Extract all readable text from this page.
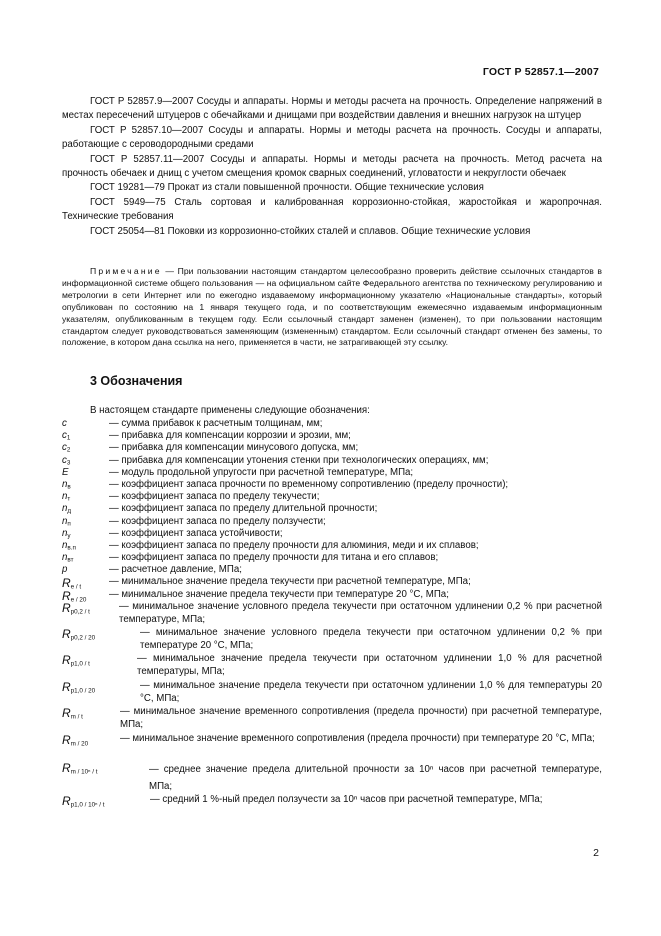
ГОСТ Р 52857.1—2007

ГОСТ Р 52857.9—2007 Сосуды и аппараты. Нормы и методы расчета на прочность. Определение напряжений в местах пересечений штуцеров с обечайками и днищами при воздействии давления и внешних нагрузок на штуцер

ГОСТ Р 52857.10—2007 Сосуды и аппараты. Нормы и методы расчета на прочность. Сосуды и аппараты, работающие с сероводородными средами

ГОСТ Р 52857.11—2007 Сосуды и аппараты. Нормы и методы расчета на прочность. Метод расчета на прочность обечаек и днищ с учетом смещения кромок сварных соединений, угловатости и некруглости обечаек

ГОСТ 19281—79 Прокат из стали повышенной прочности. Общие технические условия

ГОСТ 5949—75 Сталь сортовая и калиброванная коррозионно-стойкая, жаростойкая и жаропрочная. Технические требования

ГОСТ 25054—81 Поковки из коррозионно-стойких сталей и сплавов. Общие технические условия

Примечание — При пользовании настоящим стандартом целесообразно проверить действие ссылочных стандартов в информационной системе общего пользования — на официальном сайте Федерального агентства по техническому регулированию и метрологии в сети Интернет или по ежегодно издаваемому информационному указателю «Национальные стандарты», который опубликован по состоянию на 1 января текущего года, и по соответствующим ежемесячно издаваемым информационным указателям, опубликованным в текущем году. Если ссылочный стандарт заменен (изменен), то при пользовании настоящим стандартом следует руководствоваться заменяющим (измененным) стандартом. Если ссылочный стандарт отменен без замены, то положение, в котором дана ссылка на него, применяется в части, не затрагивающей эту ссылку.
3 Обозначения
В настоящем стандарте применены следующие обозначения:
c	— сумма прибавок к расчетным толщинам, мм;
c1	— прибавка для компенсации коррозии и эрозии, мм;
c2	— прибавка для компенсации минусового допуска, мм;
c3	— прибавка для компенсации утонения стенки при технологических операциях, мм;
E	— модуль продольной упругости при расчетной температуре, МПа;
nв	— коэффициент запаса прочности по временному сопротивлению (пределу прочности);
nт	— коэффициент запаса по пределу текучести;
nд	— коэффициент запаса по пределу длительной прочности;
nп	— коэффициент запаса по пределу ползучести;
ny	— коэффициент запаса устойчивости;
nв.п	— коэффициент запаса по пределу прочности для алюминия, меди и их сплавов;
nвт	— коэффициент запаса по пределу прочности для титана и его сплавов;
p	— расчетное давление, МПа;
Re / t	— минимальное значение предела текучести при расчетной температуре, МПа;
Re / 20 — минимальное значение предела текучести при температуре 20 °С, МПа;
Rp0,2 / t	— минимальное значение условного предела текучести при остаточном удлинении 0,2 % при расчетной температуре, МПа;
Rp0,2 / 20	— минимальное значение условного предела текучести при остаточном удлинении 0,2 % при температуре 20 °С, МПа;
Rp1,0 / t	— минимальное значение предела текучести при остаточном удлинении 1,0 % для расчетной температуры, МПа;
Rp1,0 / 20	— минимальное значение предела текучести при остаточном удлинении 1,0 % для температуры 20 °С, МПа;
Rm / t	— минимальное значение временного сопротивления (предела прочности) при расчетной температуре, МПа;
Rm / 20	— минимальное значение временного сопротивления (предела прочности) при температуре 20 °С, МПа;
Rm / 10ⁿ / t	— среднее значение предела длительной прочности за 10ⁿ часов при расчетной температуре, МПа;
Rp1,0 / 10ⁿ / t	— средний 1 %-ный предел ползучести за 10ⁿ часов при расчетной температуре, МПа;
2
